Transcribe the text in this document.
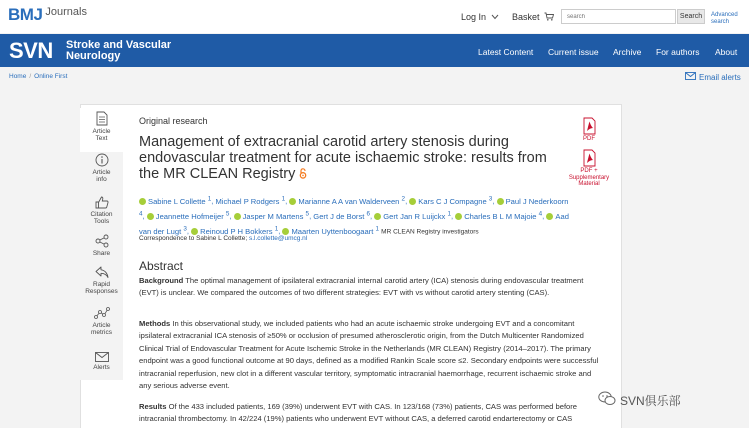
BMJ Journals	Log In	Basket
search	Search	Advanced search
SVN Stroke and Vascular Neurology	Latest Content Current issue Archive For authors About
Home / Online First	Email alerts
Article Text
Article info
Citation Tools
Share
Rapid Responses
Article metrics
Alerts
Original research
Management of extracranial carotid artery stenosis during endovascular treatment for acute ischaemic stroke: results from the MR CLEAN Registry
PDF
PDF +
Supplementary
Material
Sabine L Collette $^1$, Michael P Rodgers $^1$, Marianne A A van Walderveen $^2$, Kars C J Compagne $^3$, Paul J Nederkoorn $^4$, Jeannette Hofmeijer $^5$, Jasper M Martens $^5$, Gert J de Borst $^6$, Gert Jan R Luijckx $^1$, Charles B L M Majoie $^4$, Aad van der Lugt $^3$, Reinoud P H Bokkers $^1$, Maarten Uyttenboogaart $^1$ MR CLEAN Registry investigators
Correspondence to Sabine L Collette; s.l.collette@umcg.nl
Abstract
Background The optimal management of ipsilateral extracranial internal carotid artery (ICA) stenosis during endovascular treatment (EVT) is unclear. We compared the outcomes of two different strategies: EVT with vs without carotid artery stenting (CAS).
Methods In this observational study, we included patients who had an acute ischaemic stroke undergoing EVT and a concomitant ipsilateral extracranial ICA stenosis of ≥50% or occlusion of presumed atherosclerotic origin, from the Dutch Multicenter Randomized Clinical Trial of Endovascular Treatment for Acute Ischemic Stroke in the Netherlands (MR CLEAN) Registry (2014–2017). The primary endpoint was a good functional outcome at 90 days, defined as a modified Rankin Scale score ≤2. Secondary endpoints were successful intracranial reperfusion, new clot in a different vascular territory, symptomatic intracranial haemorrhage, recurrent ischaemic stroke and any serious adverse event.
Results Of the 433 included patients, 169 (39%) underwent EVT with CAS. In 123/168 (73%) patients, CAS was performed before intracranial thrombectomy. In 42/224 (19%) patients who underwent EVT without CAS, a deferred carotid endarterectomy or CAS
SVN俱乐部
